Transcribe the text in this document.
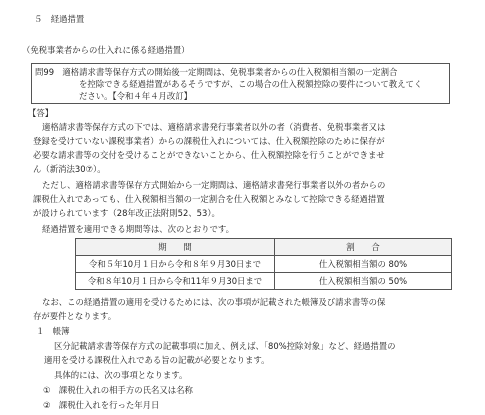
５　経過措置
（免税事業者からの仕入れに係る経過措置）
問99　適格請求書等保存方式の開始後一定期間は、免税事業者からの仕入税額相当額の一定割合
を控除できる経過措置があるそうですが、この場合の仕入税額控除の要件について教えてく
ださい。【令和４年４月改訂】
【答】
適格請求書等保存方式の下では、適格請求書発行事業者以外の者（消費者、免税事業者又は
登録を受けていない課税事業者）からの課税仕入れについては、仕入税額控除のために保存が
必要な請求書等の交付を受けることができないことから、仕入税額控除を行うことができませ
ん（新消法30⑦）。
ただし、適格請求書等保存方式開始から一定期間は、適格請求書発行事業者以外の者からの
課税仕入れであっても、仕入税額相当額の一定割合を仕入税額とみなして控除できる経過措置
が設けられています（28年改正法附則52、53）。
経過措置を適用できる期間等は、次のとおりです。
期　　間	割　　合
令和５年10月１日から令和８年９月30日まで	仕入税額相当額の 80%
令和８年10月１日から令和11年９月30日まで	仕入税額相当額の 50%
なお、この経過措置の適用を受けるためには、次の事項が記載された帳簿及び請求書等の保
存が要件となります。
１　帳簿
区分記載請求書等保存方式の記載事項に加え、例えば、「80%控除対象」など、経過措置の
適用を受ける課税仕入れである旨の記載が必要となります。
具体的には、次の事項となります。
①　課税仕入れの相手方の氏名又は名称
②　課税仕入れを行った年月日
